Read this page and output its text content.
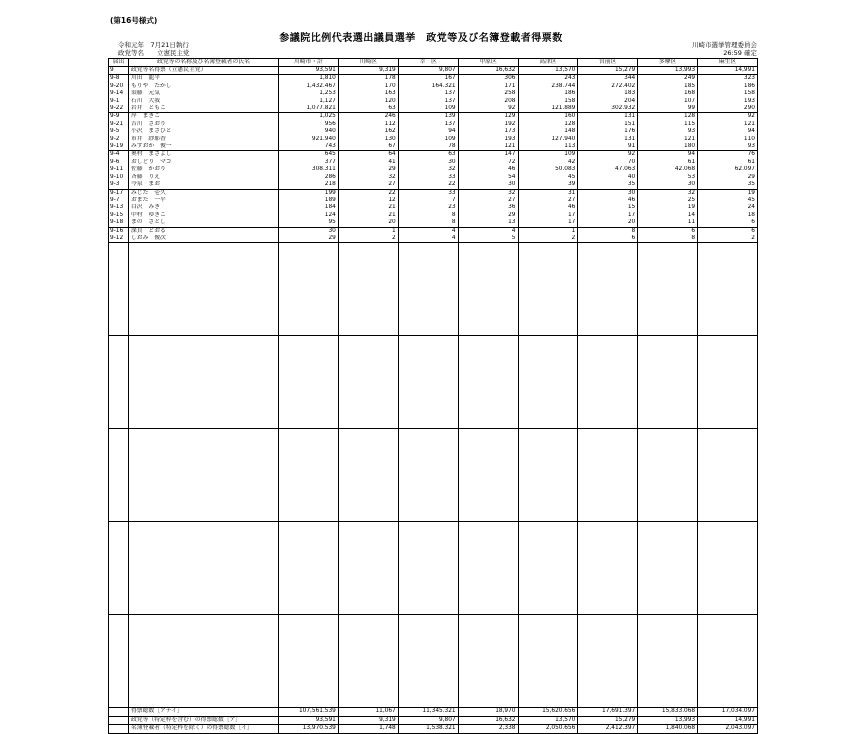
(第16号様式)
参議院比例代表選出議員選挙　政党等及び名簿登載者得票数
令和元年　7月21日執行
政党等名　　立憲民主党
川崎市選挙管理委員会
26:59 確定
届出	政党等の名称及び名簿登載者の氏名	川崎市・計	川崎区	幸　区	中原区	高津区	宮前区	多摩区	麻生区
9	政党等名得票（立憲民主党）	93,591	9,319	9,807	16,632	13,570	15,279	13,993	14,991
9-8	川田　龍平	1,810	178	167	306	243	344	249	323
9-20	もりや　たかし	1,432.467	170	164.321	171	238.744	272.402	185	186
9-14	須藤　元気	1,253	163	137	258	186	183	168	158
9-1	石川　大我	1,127	120	137	208	158	204	107	193
9-22	岩井　ともこ	1,077.821	63	109	92	121.889	302.932	99	290
9-9	岸　まきこ	1,025	246	139	129	160	131	128	92
9-21	吉川　さおり	956	112	137	192	128	151	115	121
9-5	小沢　まさひと	940	162	94	173	148	176	93	94
9-2	市井　紗耶香	921.940	130	109	193	127.940	131	121	110
9-19	みずおか　俊一	743	67	78	121	113	91	180	93
9-4	奥村　まさよし	645	64	63	147	109	92	94	76
9-6	おしどり　マコ	377	41	30	72	42	70	61	61
9-11	佐藤　かおり	308.311	29	32	46	50.083	47.063	42.068	62.097
9-10	斉藤　りえ	286	32	33	54	45	40	53	29
9-3	今泉　まお	218	27	22	30	39	35	30	35
9-17	みじた　壱久	199	22	33	32	31	30	32	19
9-7	おまた　一平	189	12	7	27	27	46	25	45
9-13	白沢　みき	184	21	23	36	46	15	19	24
9-15	中村　ゆきこ	124	21	8	29	17	17	14	18
9-18	まの　さとし	95	20	8	13	17	20	11	6
9-16	深貝　とおる	30	1	4	4	1	8	6	6
9-12	しおみ　俊次	29	2	4	5	2	6	8	2

	得票総数［アナイ］	107,561.539	11,067	11,345.321	18,970	15,620.656	17,691.397	15,833.068	17,034.097
	政党等（特定枠を含む）の得票総数［ア］	93,591	9,319	9,807	16,632	13,570	15,279	13,993	14,991
	名簿登載者（特定枠を除く）の得票総数［イ］	13,970.539	1,748	1,538.321	2,338	2,050.656	2,412.397	1,840.068	2,043.097
